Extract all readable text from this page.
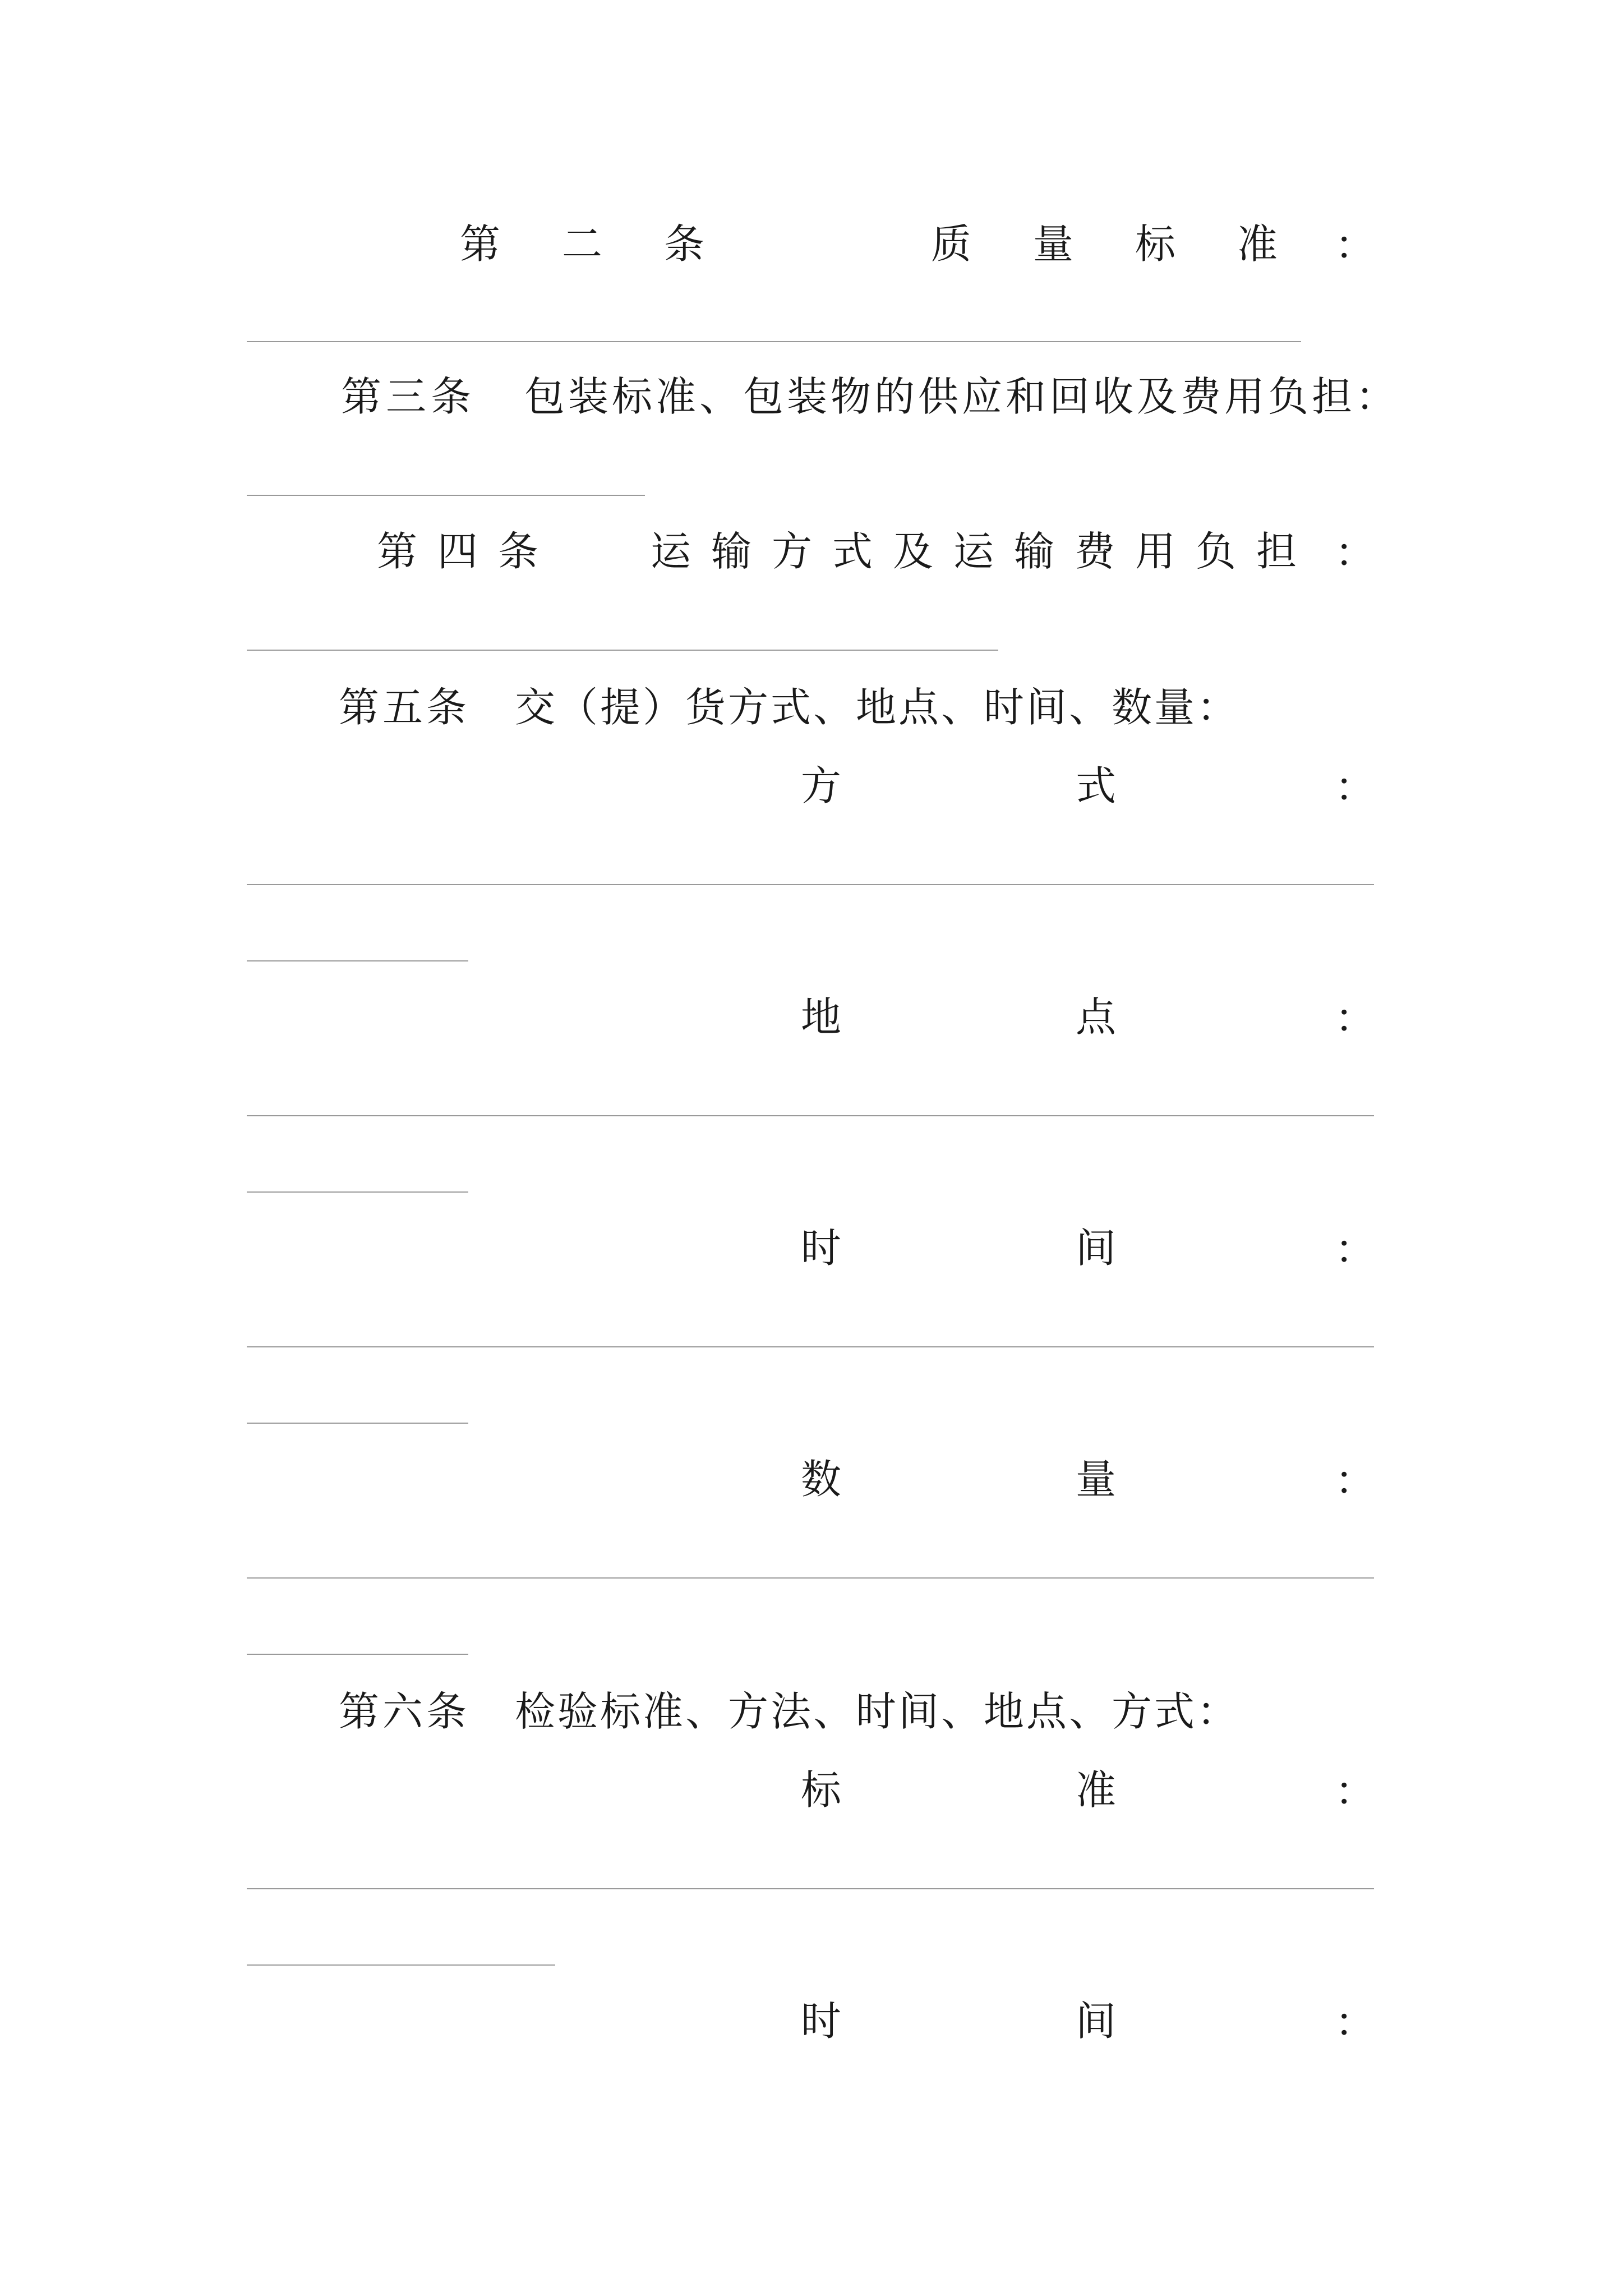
第二条	质量标准
：
第三条 包装标准、包装物的供应和回收及费用负担：
第四条 运输方式及运输费用负担 ：
第五条 交（提）货方式、地点、时间、数量：
方	式	：
地	点	：
时	间	：
数	量	：
第六条 检验标准、方法、时间、地点、方式：
标	准	：
时	间	：
